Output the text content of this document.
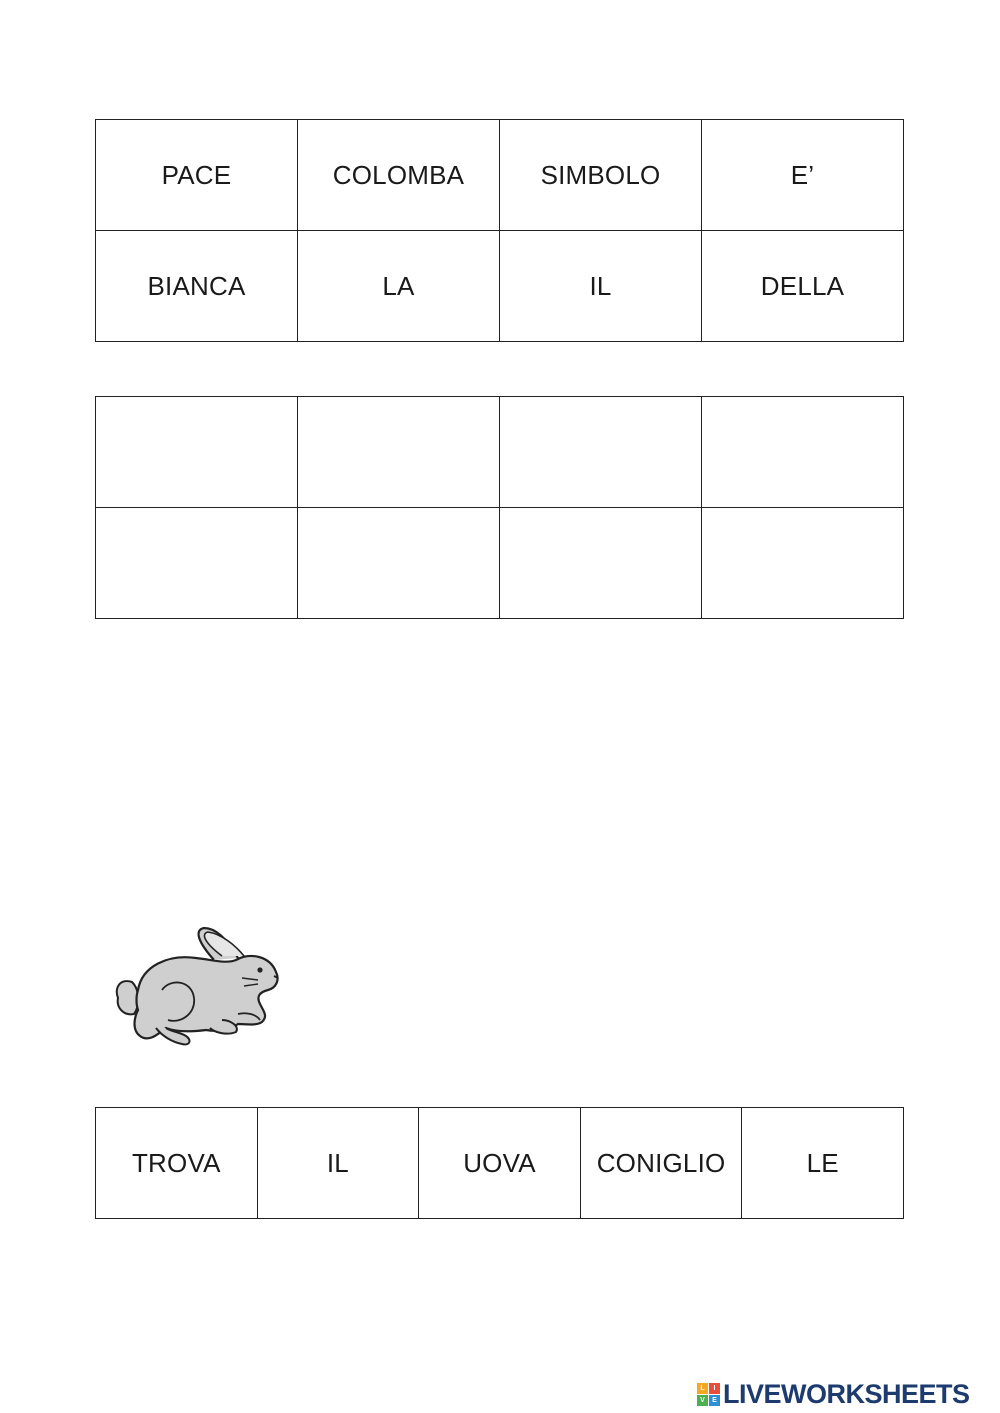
PACE	COLOMBA	SIMBOLO	E’
BIANCA	LA	IL	DELLA

TROVA	IL	UOVA	CONIGLIO	LE
L	I
V	E LIVEWORKSHEETS
